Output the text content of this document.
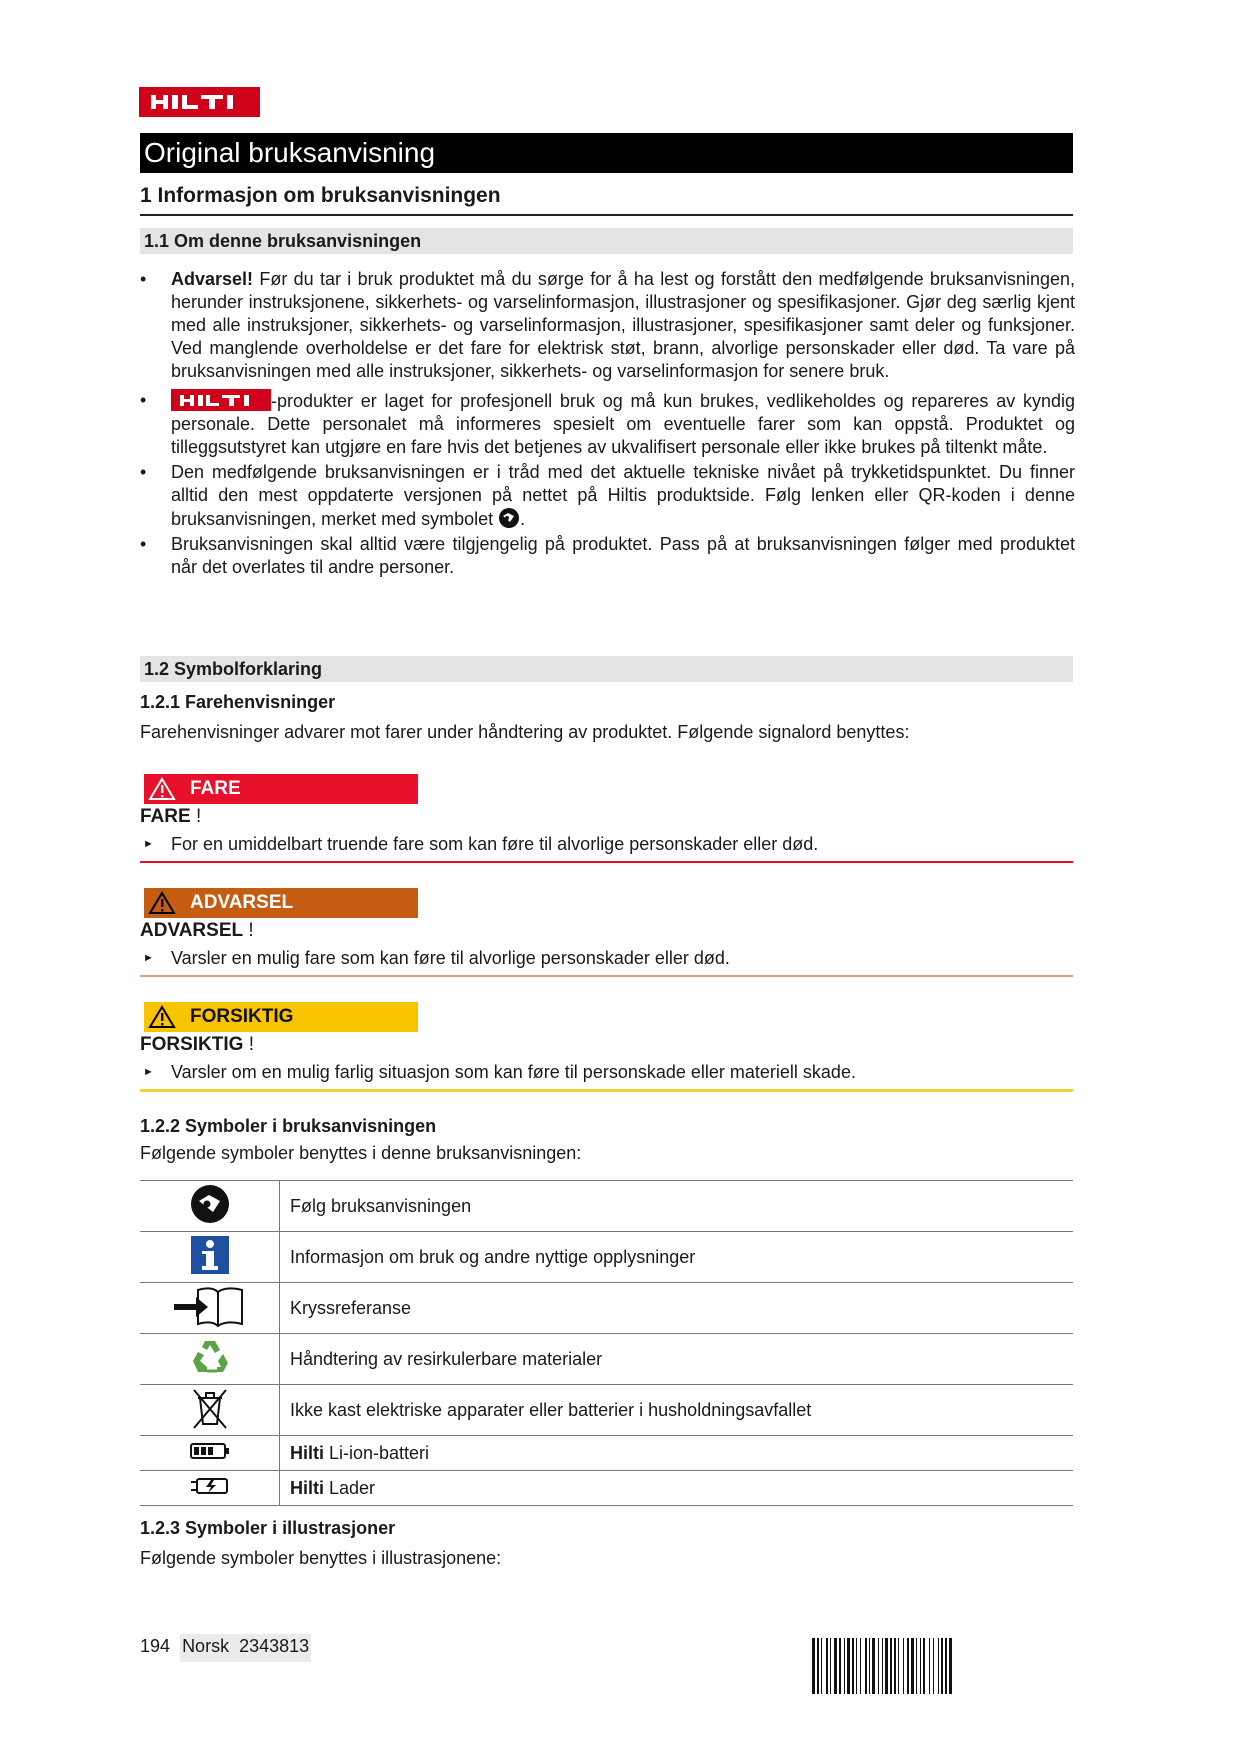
Original bruksanvisning
1 Informasjon om bruksanvisningen
1.1 Om denne bruksanvisningen
• Advarsel! Før du tar i bruk produktet må du sørge for å ha lest og forstått den medfølgende bruksanvisningen, herunder instruksjonene, sikkerhets- og varselinformasjon, illustrasjoner og spesifikasjoner. Gjør deg særlig kjent med alle instruksjoner, sikkerhets- og varselinformasjon, illustrasjoner, spesifikasjoner samt deler og funksjoner. Ved manglende overholdelse er det fare for elektrisk støt, brann, alvorlige personskader eller død. Ta vare på bruksanvisningen med alle instruksjoner, sikkerhets- og varselinformasjon for senere bruk.
•	-produkter er laget for profesjonell bruk og må kun brukes, vedlikeholdes og repareres av kyndig personale. Dette personalet må informeres spesielt om eventuelle farer som kan oppstå. Produktet og tilleggsutstyret kan utgjøre en fare hvis det betjenes av ukvalifisert personale eller ikke brukes på tiltenkt måte.
• Den medfølgende bruksanvisningen er i tråd med det aktuelle tekniske nivået på trykketidspunktet. Du finner alltid den mest oppdaterte versjonen på nettet på Hiltis produktside. Følg lenken eller QR-koden i denne bruksanvisningen, merket med symbolet .
• Bruksanvisningen skal alltid være tilgjengelig på produktet. Pass på at bruksanvisningen følger med produktet når det overlates til andre personer.
1.2 Symbolforklaring
1.2.1 Farehenvisninger
Farehenvisninger advarer mot farer under håndtering av produktet. Følgende signalord benyttes:
FARE
FARE !
► For en umiddelbart truende fare som kan føre til alvorlige personskader eller død.
ADVARSEL
ADVARSEL !
► Varsler en mulig fare som kan føre til alvorlige personskader eller død.
FORSIKTIG
FORSIKTIG !
► Varsler om en mulig farlig situasjon som kan føre til personskade eller materiell skade.
1.2.2 Symboler i bruksanvisningen
Følgende symboler benyttes i denne bruksanvisningen:
	Følg bruksanvisningen
	Informasjon om bruk og andre nyttige opplysninger
	Kryssreferanse
	Håndtering av resirkulerbare materialer
	Ikke kast elektriske apparater eller batterier i husholdningsavfallet
	Hilti Li-ion-batteri
	Hilti Lader
1.2.3 Symboler i illustrasjoner
Følgende symboler benyttes i illustrasjonene:
194 Norsk 2343813
